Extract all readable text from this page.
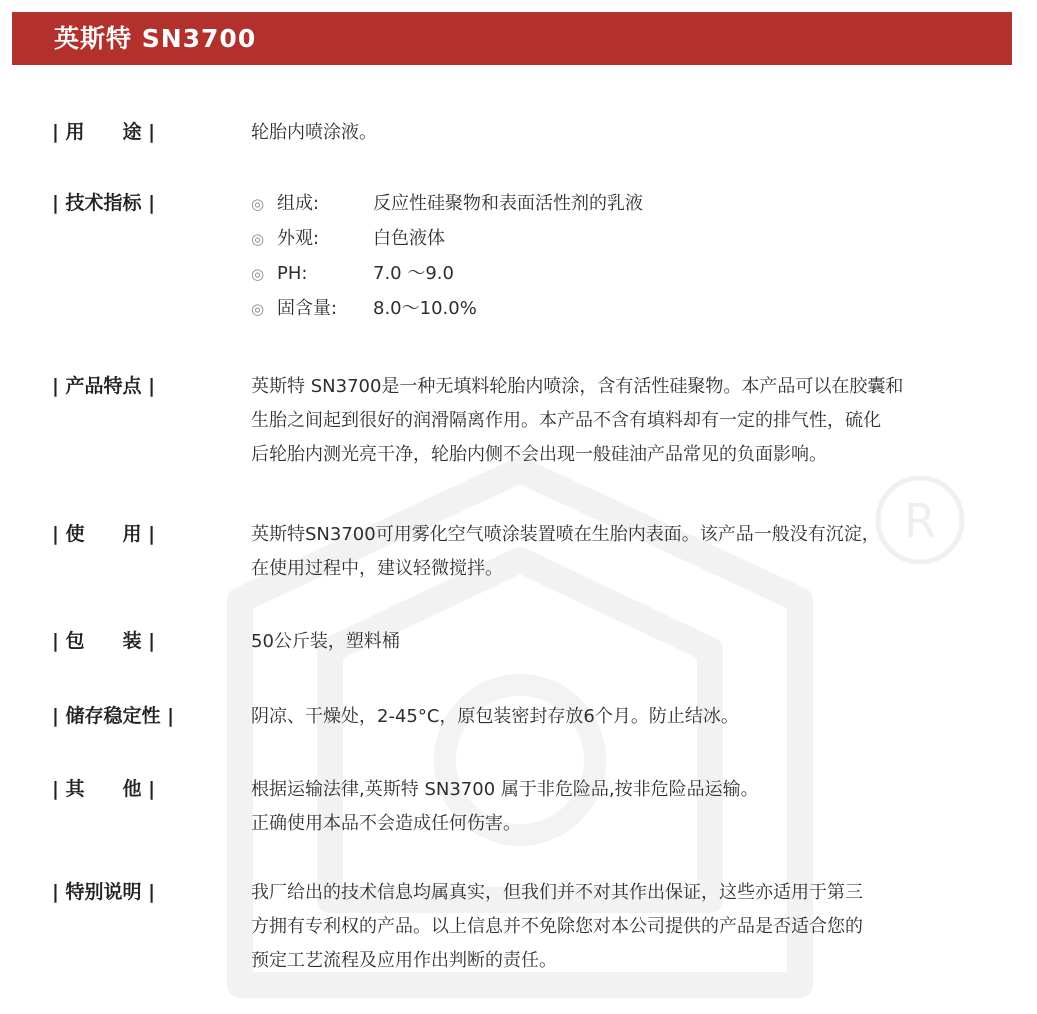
R
英斯特 SN3700
| 用　　途 |	轮胎内喷涂液。

| 技术指标 |	◎ 组成:	反应性硅聚物和表面活性剂的乳液
◎ 外观:	白色液体
◎ PH:	7.0 〜9.0
◎ 固含量: 8.0〜10.0%
| 产品特点 |	英斯特 SN3700是一种无填料轮胎内喷涂，含有活性硅聚物。本产品可以在胶囊和

生胎之间起到很好的润滑隔离作用。本产品不含有填料却有一定的排气性，硫化

后轮胎内测光亮干净，轮胎内侧不会出现一般硅油产品常见的负面影响。

| 使　　用 |	英斯特SN3700可用雾化空气喷涂装置喷在生胎内表面。该产品一般没有沉淀，

在使用过程中，建议轻微搅拌。

| 包　　装 |	50公斤装，塑料桶

| 储存稳定性 |	阴凉、干燥处，2-45°C，原包装密封存放6个月。防止结冰。

| 其　　他 |	根据运输法律,英斯特 SN3700 属于非危险品,按非危险品运输。

正确使用本品不会造成任何伤害。

| 特别说明 |	我厂给出的技术信息均属真实，但我们并不对其作出保证，这些亦适用于第三

方拥有专利权的产品。以上信息并不免除您对本公司提供的产品是否适合您的

预定工艺流程及应用作出判断的责任。
